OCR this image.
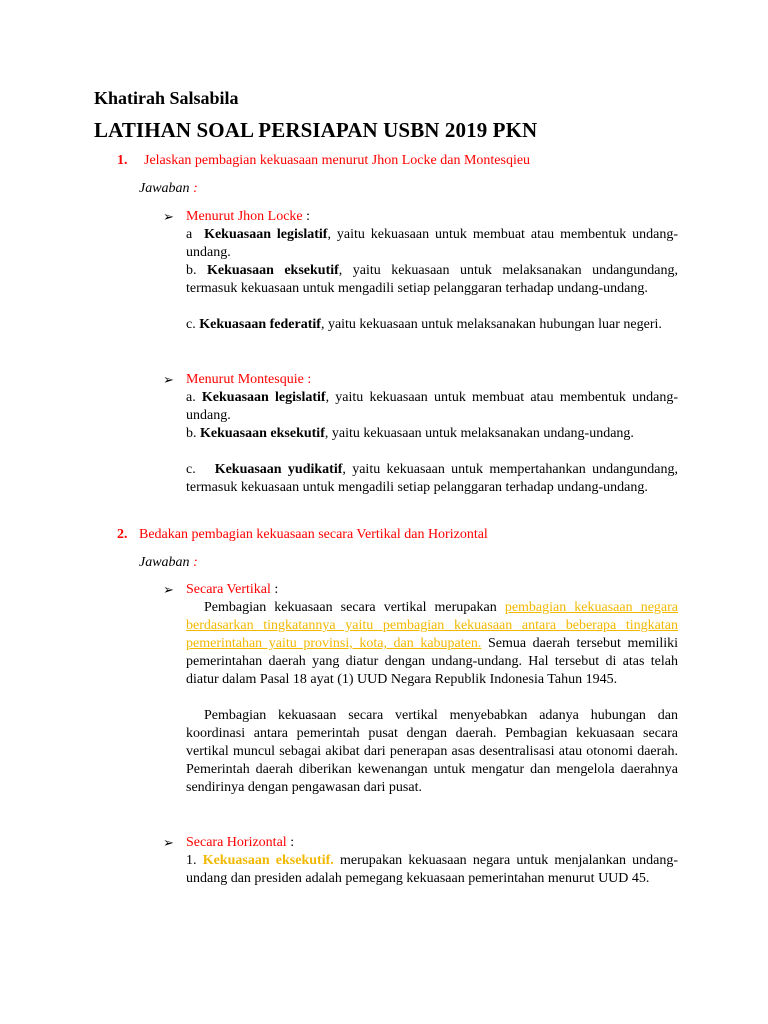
Khatirah Salsabila
LATIHAN SOAL PERSIAPAN USBN 2019 PKN
1. Jelaskan pembagian kekuasaan menurut Jhon Locke dan Montesqieu
Jawaban :
➢ Menurut Jhon Locke :
a Kekuasaan legislatif, yaitu kekuasaan untuk membuat atau membentuk undang-undang.
b. Kekuasaan eksekutif, yaitu kekuasaan untuk melaksanakan undangundang, termasuk kekuasaan untuk mengadili setiap pelanggaran terhadap undang-undang.
c. Kekuasaan federatif, yaitu kekuasaan untuk melaksanakan hubungan luar negeri.
➢ Menurut Montesquie :
a. Kekuasaan legislatif, yaitu kekuasaan untuk membuat atau membentuk undang-undang.
b. Kekuasaan eksekutif, yaitu kekuasaan untuk melaksanakan undang-undang.
c. Kekuasaan yudikatif, yaitu kekuasaan untuk mempertahankan undangundang, termasuk kekuasaan untuk mengadili setiap pelanggaran terhadap undang-undang.
2. Bedakan pembagian kekuasaan secara Vertikal dan Horizontal
Jawaban :
➢ Secara Vertikal :
Pembagian kekuasaan secara vertikal merupakan pembagian kekuasaan negara berdasarkan tingkatannya yaitu pembagian kekuasaan antara beberapa tingkatan pemerintahan yaitu provinsi, kota, dan kabupaten. Semua daerah tersebut memiliki pemerintahan daerah yang diatur dengan undang-undang. Hal tersebut di atas telah diatur dalam Pasal 18 ayat (1) UUD Negara Republik Indonesia Tahun 1945.
Pembagian kekuasaan secara vertikal menyebabkan adanya hubungan dan koordinasi antara pemerintah pusat dengan daerah. Pembagian kekuasaan secara vertikal muncul sebagai akibat dari penerapan asas desentralisasi atau otonomi daerah. Pemerintah daerah diberikan kewenangan untuk mengatur dan mengelola daerahnya sendirinya dengan pengawasan dari pusat.
➢ Secara Horizontal :
1. Kekuasaan eksekutif. merupakan kekuasaan negara untuk menjalankan undang-undang dan presiden adalah pemegang kekuasaan pemerintahan menurut UUD 45.
